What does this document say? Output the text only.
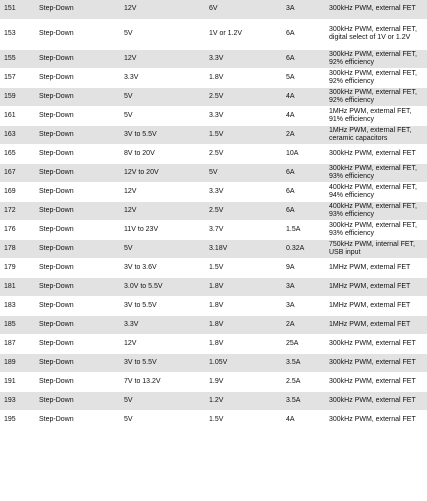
151	Step-Down	12V	6V	3A	300kHz PWM, external FET
153	Step-Down	5V	1V or 1.2V	6A	300kHz PWM, external FET, digital select of 1V or 1.2V
155	Step-Down	12V	3.3V	6A	300kHz PWM, external FET, 92% efficiency
157	Step-Down	3.3V	1.8V	5A	300kHz PWM, external FET, 92% efficiency
159	Step-Down	5V	2.5V	4A	300kHz PWM, external FET, 92% efficiency
161	Step-Down	5V	3.3V	4A	1MHz PWM, external FET, 91% efficiency
163	Step-Down	3V to 5.5V	1.5V	2A	1MHz PWM, external FET, ceramic capacitors
165	Step-Down	8V to 20V	2.5V	10A	300kHz PWM, external FET
167	Step-Down	12V to 20V	5V	6A	300kHz PWM, external FET, 93% efficiency
169	Step-Down	12V	3.3V	6A	400kHz PWM, external FET, 94% efficiency
172	Step-Down	12V	2.5V	6A	400kHz PWM, external FET, 93% efficiency
176	Step-Down	11V to 23V	3.7V	1.5A	300kHz PWM, external FET, 93% efficiency
178	Step-Down	5V	3.18V	0.32A	750kHz PWM, internal FET, USB input
179	Step-Down	3V to 3.6V	1.5V	9A	1MHz PWM, external FET
181	Step-Down	3.0V to 5.5V	1.8V	3A	1MHz PWM, external FET
183	Step-Down	3V to 5.5V	1.8V	3A	1MHz PWM, external FET
185	Step-Down	3.3V	1.8V	2A	1MHz PWM, external FET
187	Step-Down	12V	1.8V	25A	300kHz PWM, external FET
189	Step-Down	3V to 5.5V	1.05V	3.5A	300kHz PWM, external FET
191	Step-Down	7V to 13.2V	1.9V	2.5A	300kHz PWM, external FET
193	Step-Down	5V	1.2V	3.5A	300kHz PWM, external FET
195	Step-Down	5V	1.5V	4A	300kHz PWM, external FET
